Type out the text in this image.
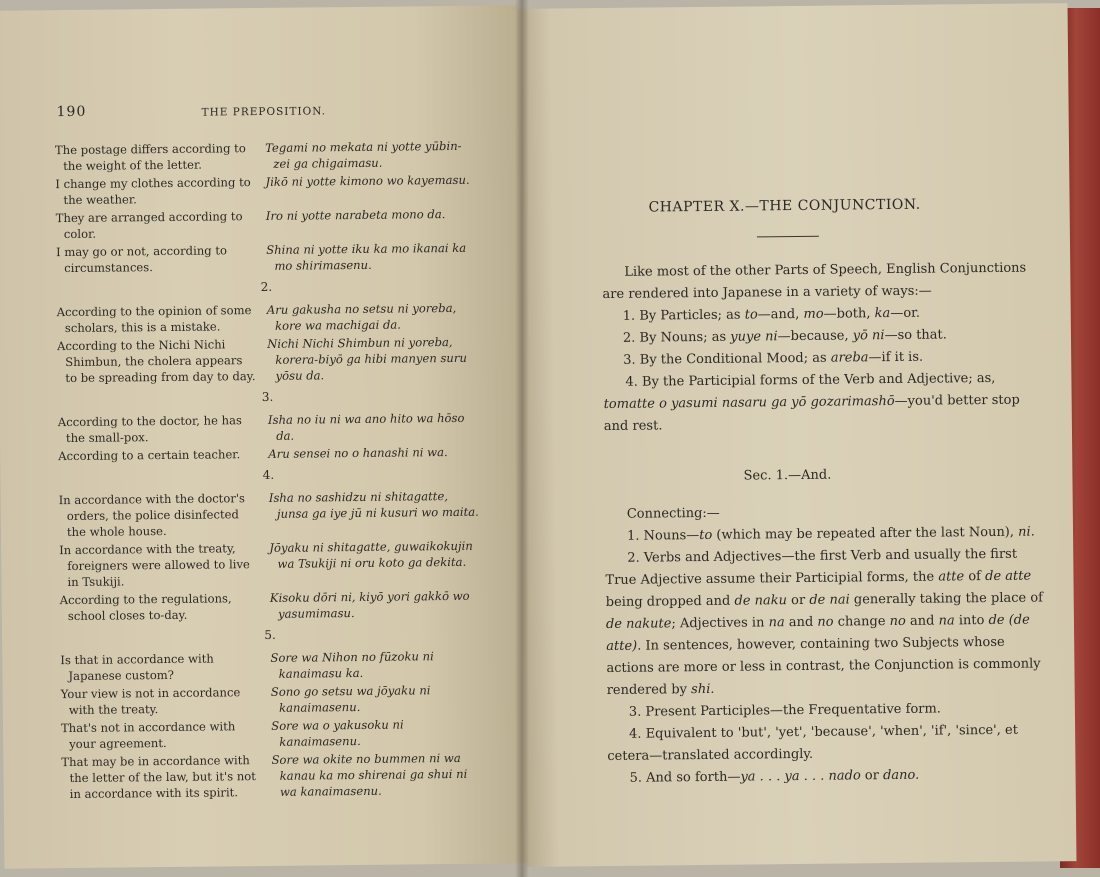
190	THE PREPOSITION.
The postage differs according to the weight of the letter.
Tegami no mekata ni yotte yūbin-zei ga chigaimasu.
I change my clothes according to the weather.
Jikō ni yotte kimono wo kayemasu.
They are arranged according to color.
Iro ni yotte narabeta mono da.
I may go or not, according to circumstances.
Shina ni yotte iku ka mo ikanai ka mo shirimasenu.
2.
According to the opinion of some scholars, this is a mistake.
Aru gakusha no setsu ni yoreba, kore wa machigai da.
According to the Nichi Nichi Shimbun, the cholera appears to be spreading from day to day.
Nichi Nichi Shimbun ni yoreba, korera-biyō ga hibi manyen suru yōsu da.
3.
According to the doctor, he has the small-pox.
Isha no iu ni wa ano hito wa hōso da.
According to a certain teacher.	Aru sensei no o hanashi ni wa.
4.
In accordance with the doctor's orders, the police disinfected the whole house.
Isha no sashidzu ni shitagatte, junsa ga iye jū ni kusuri wo maita.
In accordance with the treaty, foreigners were allowed to live in Tsukiji.
Jōyaku ni shitagatte, guwaikokujin wa Tsukiji ni oru koto ga dekita.
According to the regulations, school closes to-day.
Kisoku dōri ni, kiyō yori gakkō wo yasumimasu.
5.
Is that in accordance with Japanese custom?
Sore wa Nihon no fūzoku ni kanaimasu ka.
Your view is not in accordance with the treaty.
Sono go setsu wa jōyaku ni kanaimasenu.
That's not in accordance with your agreement.
Sore wa o yakusoku ni kanaimasenu.
That may be in accordance with the letter of the law, but it's not in accordance with its spirit.
Sore wa okite no bummen ni wa kanau ka mo shirenai ga shui ni wa kanaimasenu.
CHAPTER X.—THE CONJUNCTION.

Like most of the other Parts of Speech, English Conjunctions are rendered into Japanese in a variety of ways:—

1. By Particles; as to—and, mo—both, ka—or.

2. By Nouns; as yuye ni—because, yō ni—so that.

3. By the Conditional Mood; as areba—if it is.

4. By the Participial forms of the Verb and Adjective; as, tomatte o yasumi nasaru ga yō gozarimashō—you'd better stop and rest.

Sec. 1.—And.

Connecting:—

1. Nouns—to (which may be repeated after the last Noun), ni.

2. Verbs and Adjectives—the first Verb and usually the first True Adjective assume their Participial forms, the atte of de atte being dropped and de naku or de nai generally taking the place of de nakute; Adjectives in na and no change no and na into de (de atte). In sentences, however, containing two Subjects whose actions are more or less in contrast, the Conjunction is commonly rendered by shi.

3. Present Participles—the Frequentative form.

4. Equivalent to 'but', 'yet', 'because', 'when', 'if', 'since', et cetera—translated accordingly.

5. And so forth—ya . . . ya . . . nado or dano.
